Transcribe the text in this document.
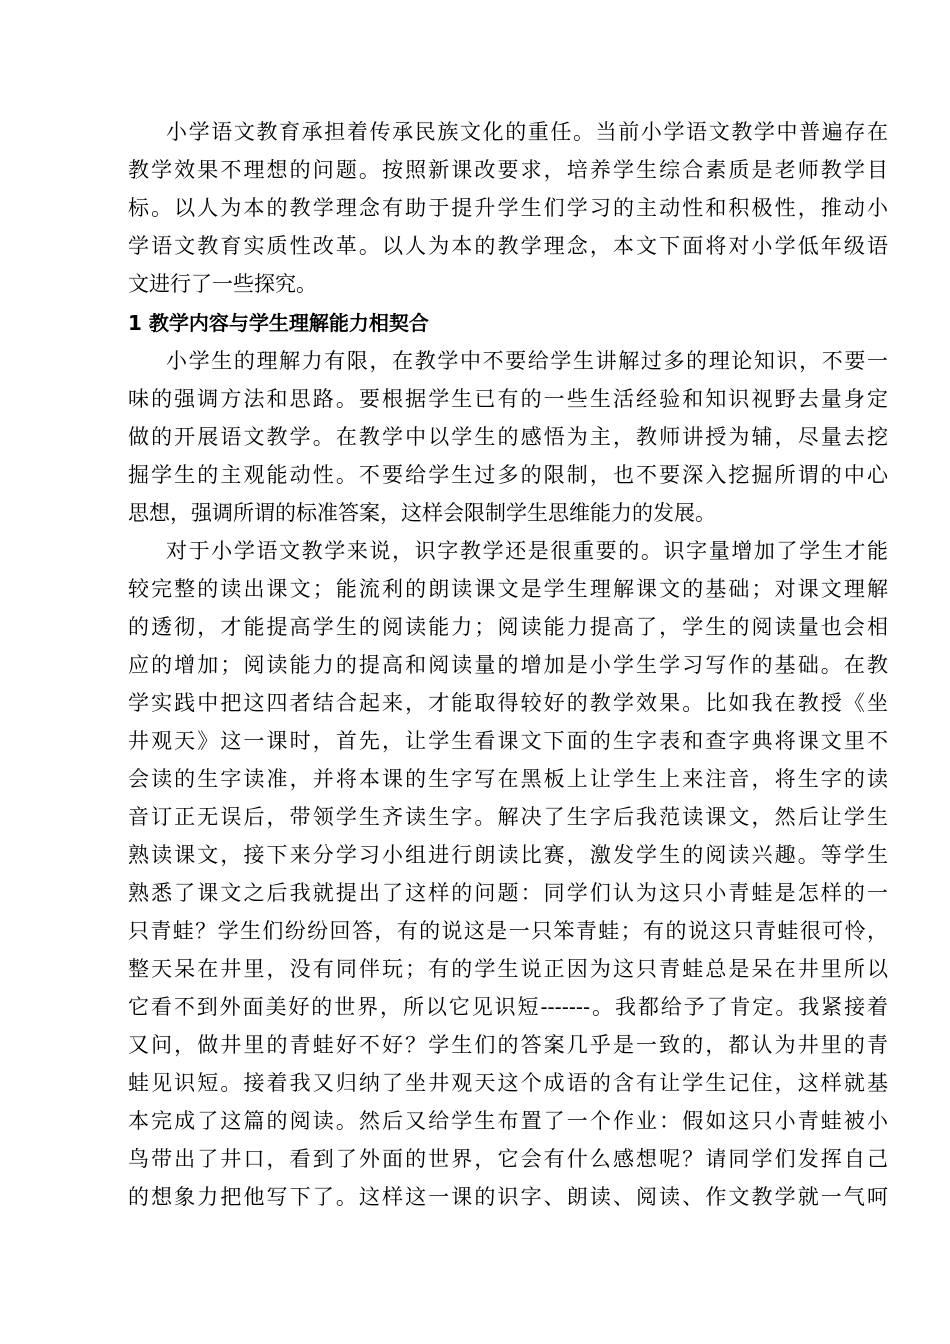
小学语文教育承担着传承民族文化的重任。当前小学语文教学中普遍存在
教学效果不理想的问题。按照新课改要求，培养学生综合素质是老师教学目
标。以人为本的教学理念有助于提升学生们学习的主动性和积极性，推动小
学语文教育实质性改革。以人为本的教学理念，本文下面将对小学低年级语
文进行了一些探究。
1 教学内容与学生理解能力相契合
小学生的理解力有限，在教学中不要给学生讲解过多的理论知识，不要一
味的强调方法和思路。要根据学生已有的一些生活经验和知识视野去量身定
做的开展语文教学。在教学中以学生的感悟为主，教师讲授为辅，尽量去挖
掘学生的主观能动性。不要给学生过多的限制，也不要深入挖掘所谓的中心
思想，强调所谓的标准答案，这样会限制学生思维能力的发展。
对于小学语文教学来说，识字教学还是很重要的。识字量增加了学生才能
较完整的读出课文；能流利的朗读课文是学生理解课文的基础；对课文理解
的透彻，才能提高学生的阅读能力；阅读能力提高了，学生的阅读量也会相
应的增加；阅读能力的提高和阅读量的增加是小学生学习写作的基础。在教
学实践中把这四者结合起来，才能取得较好的教学效果。比如我在教授《坐
井观天》这一课时，首先，让学生看课文下面的生字表和查字典将课文里不
会读的生字读准，并将本课的生字写在黑板上让学生上来注音，将生字的读
音订正无误后，带领学生齐读生字。解决了生字后我范读课文，然后让学生
熟读课文，接下来分学习小组进行朗读比赛，激发学生的阅读兴趣。等学生
熟悉了课文之后我就提出了这样的问题：同学们认为这只小青蛙是怎样的一
只青蛙？学生们纷纷回答，有的说这是一只笨青蛙；有的说这只青蛙很可怜，
整天呆在井里，没有同伴玩；有的学生说正因为这只青蛙总是呆在井里所以
它看不到外面美好的世界，所以它见识短-------。我都给予了肯定。我紧接着
又问，做井里的青蛙好不好？学生们的答案几乎是一致的，都认为井里的青
蛙见识短。接着我又归纳了坐井观天这个成语的含有让学生记住，这样就基
本完成了这篇的阅读。然后又给学生布置了一个作业：假如这只小青蛙被小
鸟带出了井口，看到了外面的世界，它会有什么感想呢？请同学们发挥自己
的想象力把他写下了。这样这一课的识字、朗读、阅读、作文教学就一气呵
